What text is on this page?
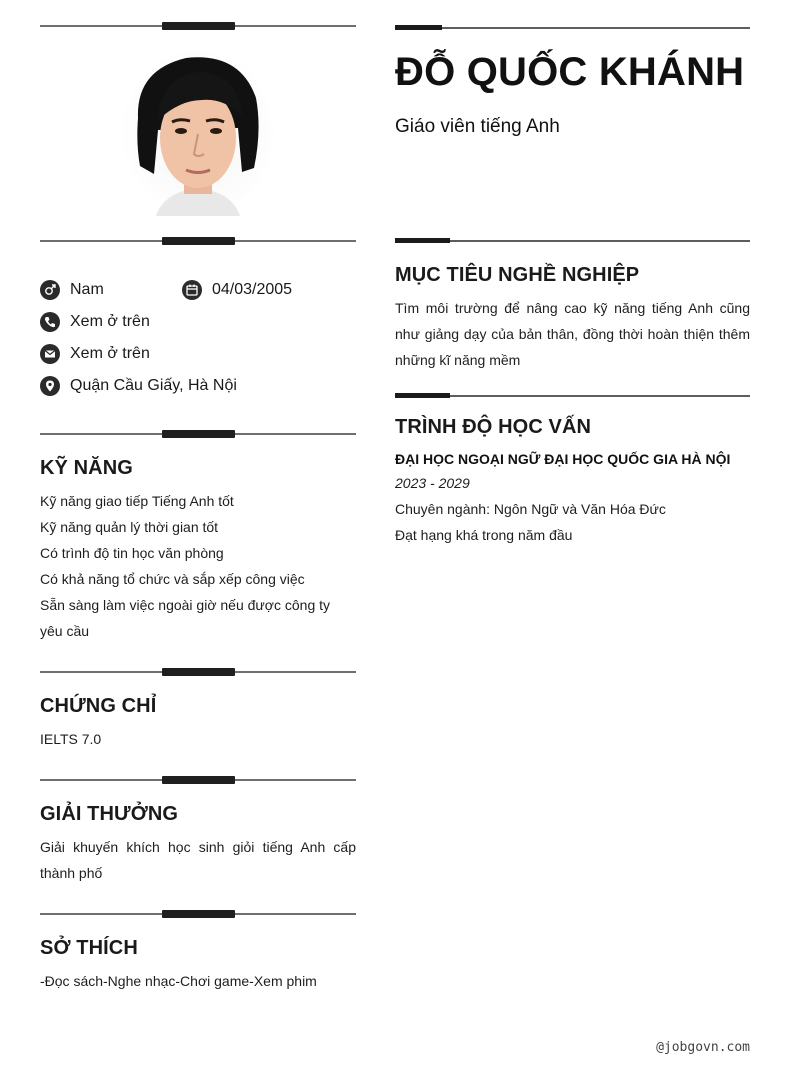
Nam	04/03/2005
Xem ở trên
Xem ở trên
Quận Cầu Giấy, Hà Nội
KỸ NĂNG
Kỹ năng giao tiếp Tiếng Anh tốt
Kỹ năng quản lý thời gian tốt
Có trình độ tin học văn phòng
Có khả năng tổ chức và sắp xếp công việc
Sẵn sàng làm việc ngoài giờ nếu được công ty yêu cầu
CHỨNG CHỈ
IELTS 7.0
GIẢI THƯỞNG
Giải khuyến khích học sinh giỏi tiếng Anh cấp thành phố
SỞ THÍCH
-Đọc sách-Nghe nhạc-Chơi game-Xem phim
ĐỖ QUỐC KHÁNH
Giáo viên tiếng Anh
MỤC TIÊU NGHỀ NGHIỆP
Tìm môi trường để nâng cao kỹ năng tiếng Anh cũng như giảng dạy của bản thân, đồng thời hoàn thiện thêm những kĩ năng mềm
TRÌNH ĐỘ HỌC VẤN
ĐẠI HỌC NGOẠI NGỮ ĐẠI HỌC QUỐC GIA HÀ NỘI
2023 - 2029
Chuyên ngành: Ngôn Ngữ và Văn Hóa Đức
Đạt hạng khá trong năm đầu
@jobgovn.com
